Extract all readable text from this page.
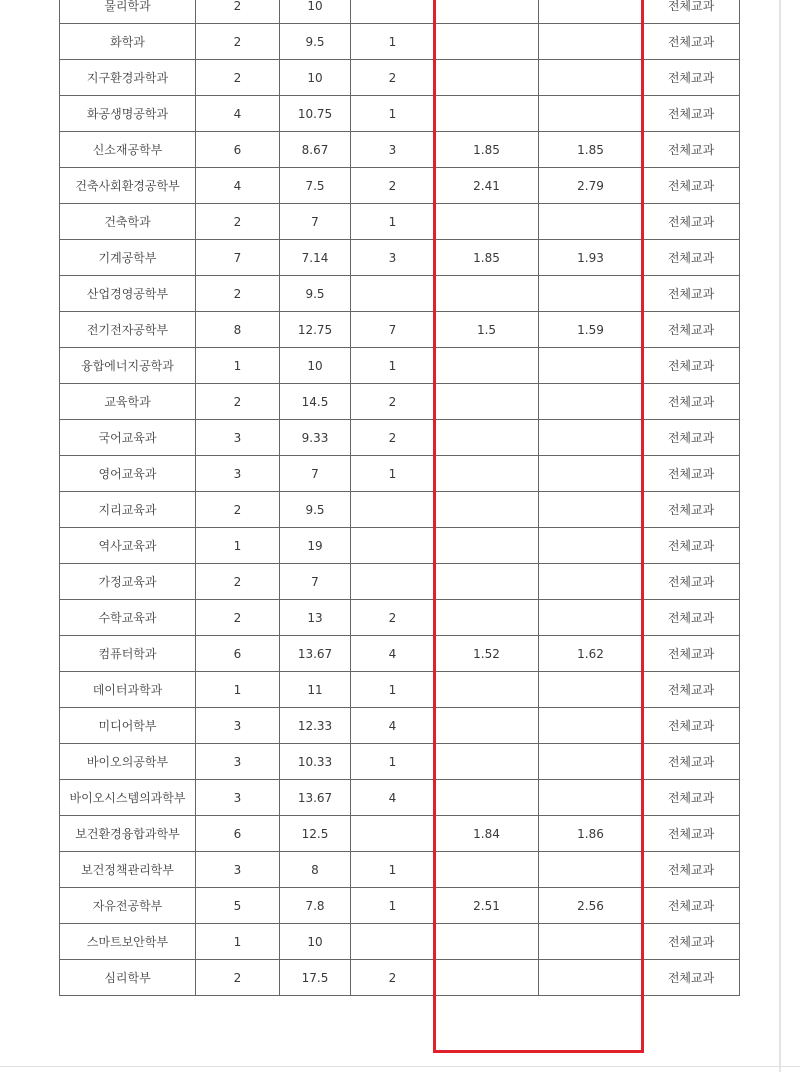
물리학과	2	10				전체교과
화학과	2	9.5	1			전체교과
지구환경과학과	2	10	2			전체교과
화공생명공학과	4	10.75	1			전체교과
신소재공학부	6	8.67	3	1.85	1.85	전체교과
건축사회환경공학부	4	7.5	2	2.41	2.79	전체교과
건축학과	2	7	1			전체교과
기계공학부	7	7.14	3	1.85	1.93	전체교과
산업경영공학부	2	9.5				전체교과
전기전자공학부	8	12.75	7	1.5	1.59	전체교과
융합에너지공학과	1	10	1			전체교과
교육학과	2	14.5	2			전체교과
국어교육과	3	9.33	2			전체교과
영어교육과	3	7	1			전체교과
지리교육과	2	9.5				전체교과
역사교육과	1	19				전체교과
가정교육과	2	7				전체교과
수학교육과	2	13	2			전체교과
컴퓨터학과	6	13.67	4	1.52	1.62	전체교과
데이터과학과	1	11	1			전체교과
미디어학부	3	12.33	4			전체교과
바이오의공학부	3	10.33	1			전체교과
바이오시스템의과학부	3	13.67	4			전체교과
보건환경융합과학부	6	12.5		1.84	1.86	전체교과
보건정책관리학부	3	8	1			전체교과
자유전공학부	5	7.8	1	2.51	2.56	전체교과
스마트보안학부	1	10				전체교과
심리학부	2	17.5	2			전체교과
